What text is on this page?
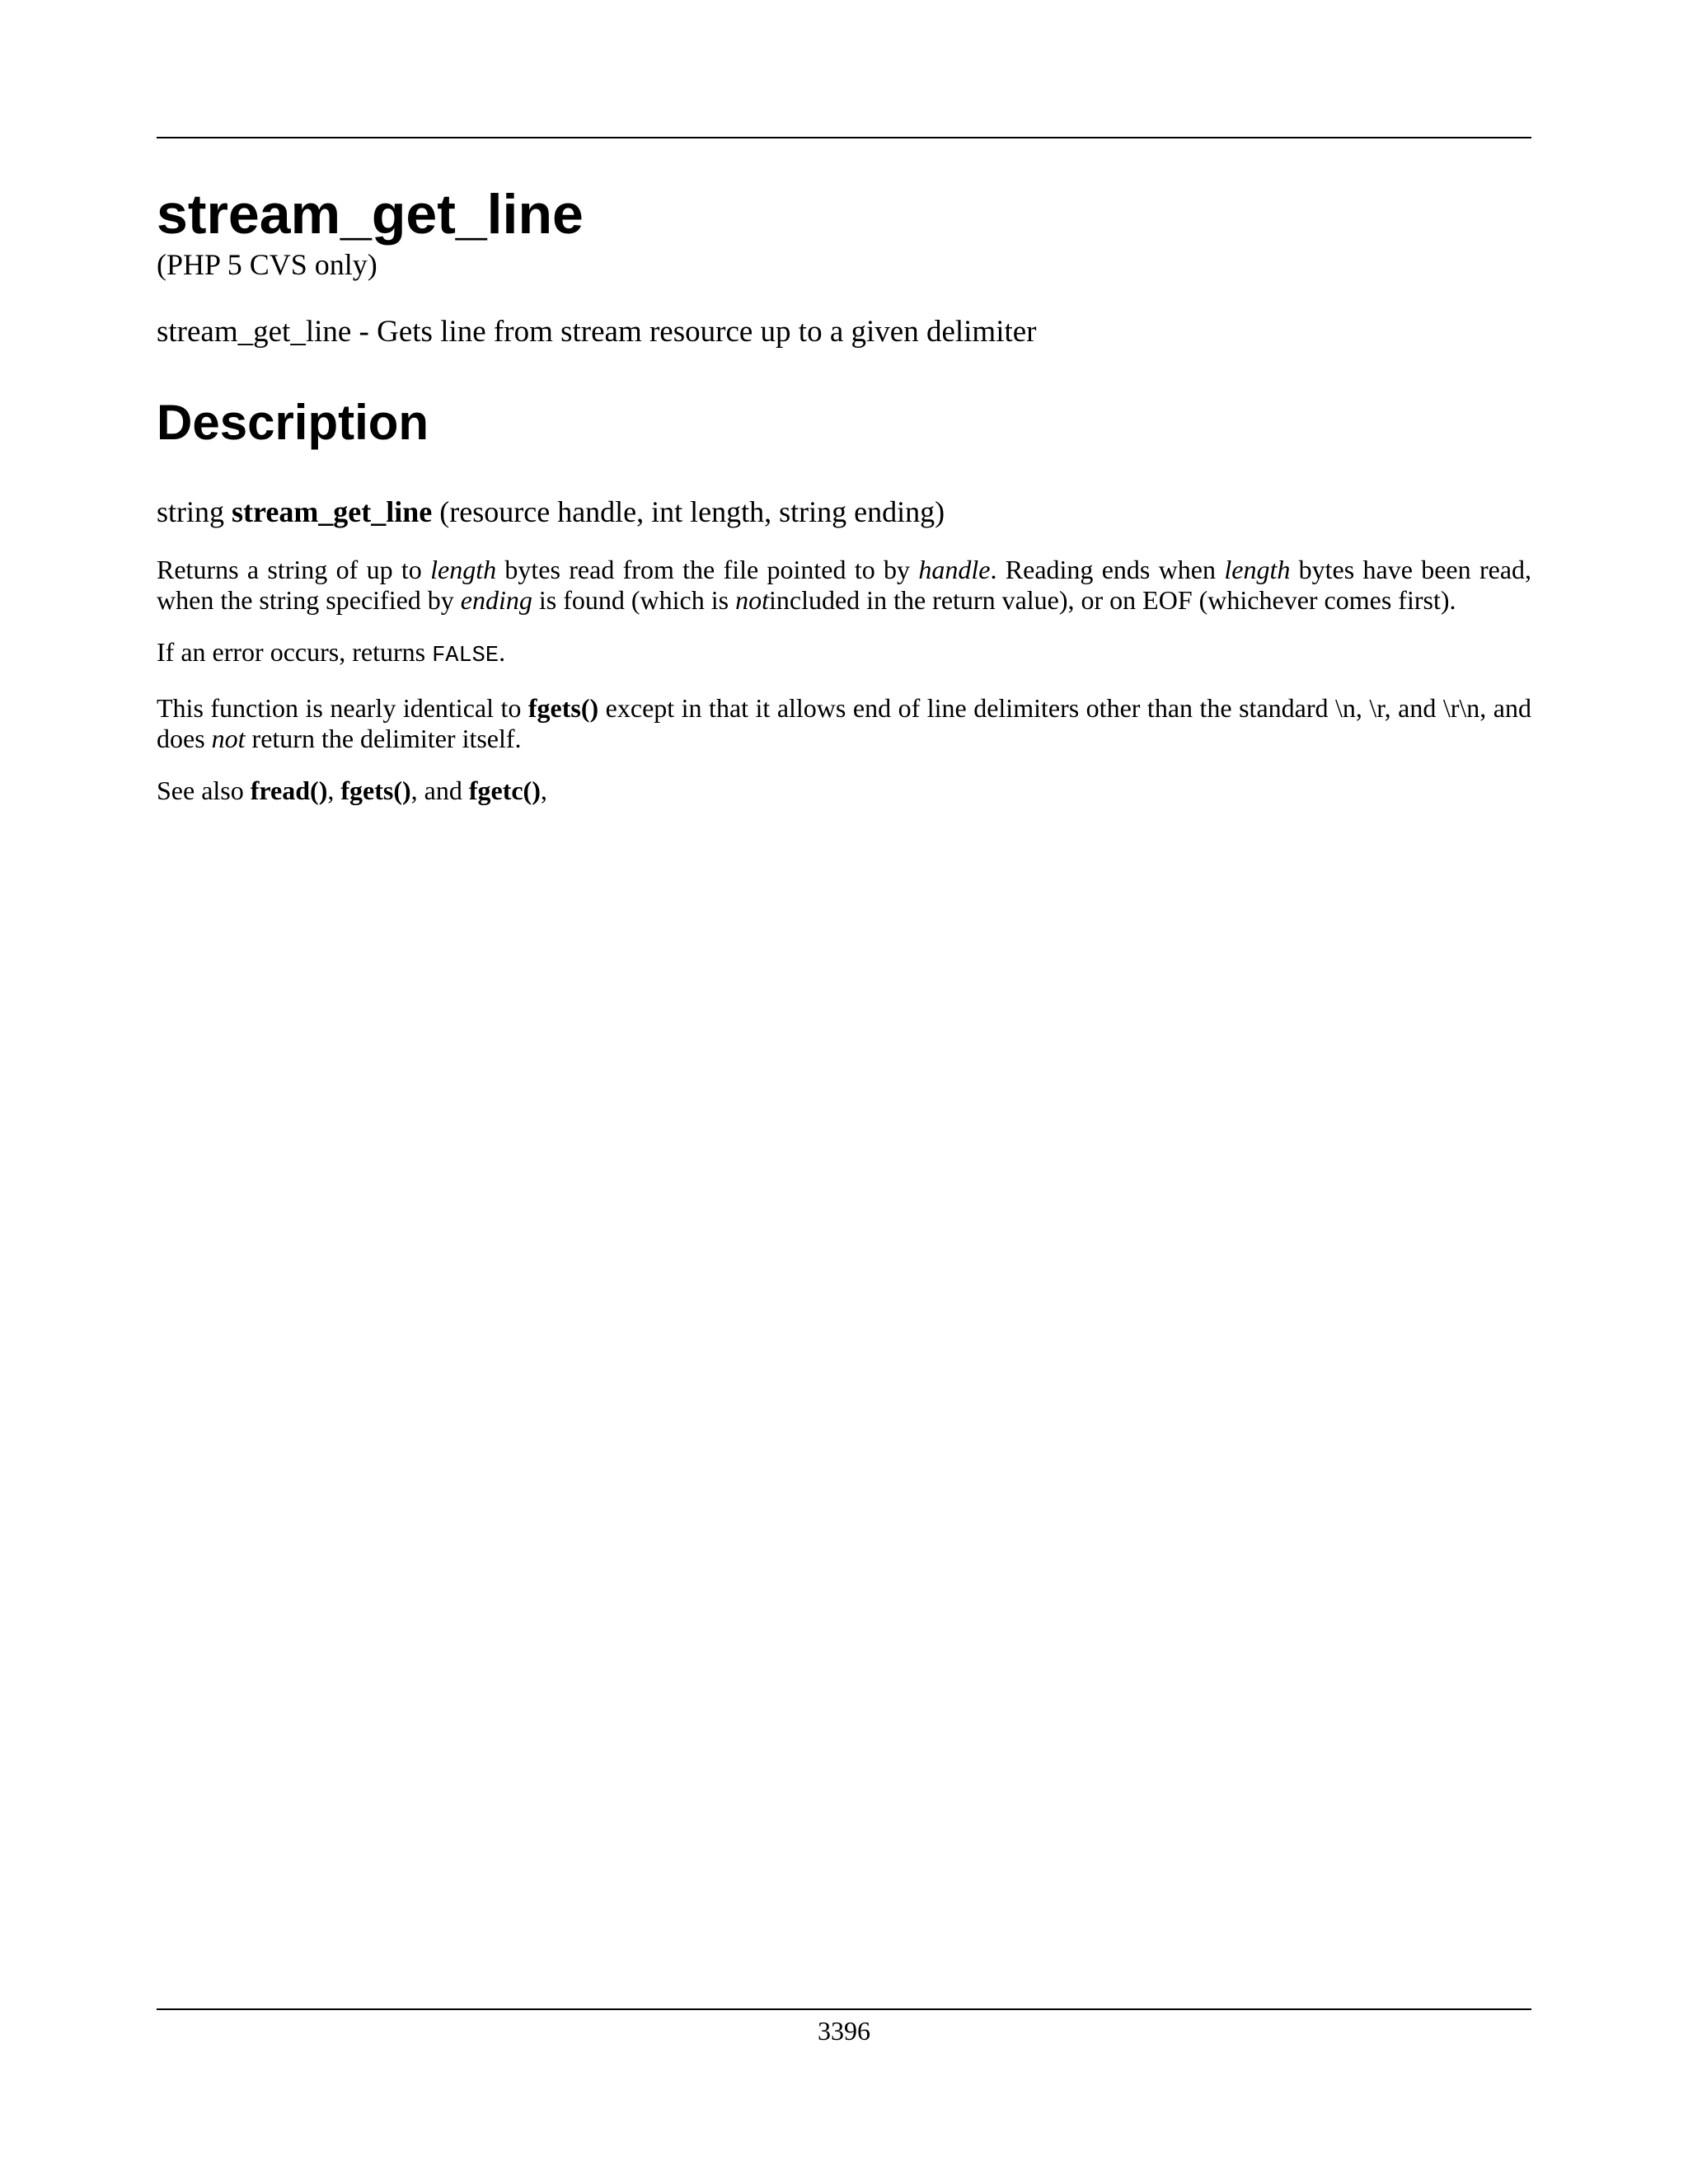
stream_get_line
(PHP 5 CVS only)
stream_get_line - Gets line from stream resource up to a given delimiter
Description
string stream_get_line (resource handle, int length, string ending)

Returns a string of up to length bytes read from the file pointed to by handle. Reading ends when length bytes have been read, when the string specified by ending is found (which is notincluded in the return value), or on EOF (whichever comes first).

If an error occurs, returns FALSE.

This function is nearly identical to fgets() except in that it allows end of line delimiters other than the standard \n, \r, and \r\n, and does not return the delimiter itself.

See also fread(), fgets(), and fgetc(),

3396
